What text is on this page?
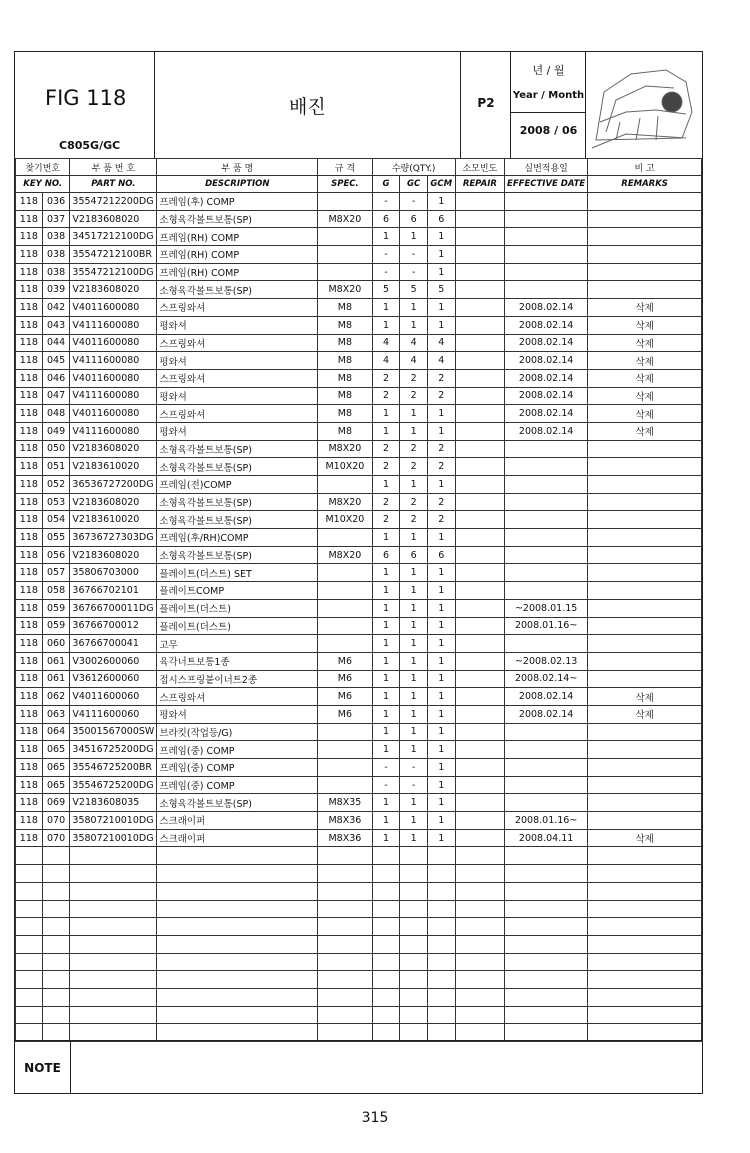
FIG 118
C805G/GC
배진	P2
년 / 월
Year / Month
2008 / 06
찾기번호		부 품 번 호	부 품 명	규 격	수량(QTY.)			소모빈도	실번적용일	비 고
KEY NO.		PART NO.	DESCRIPTION	SPEC.	G	GC	GCM	REPAIR	EFFECTIVE DATE	REMARKS
118	036	35547212200DG	프레임(후) COMP		-	-	1			
118	037	V2183608020	소형육각볼트보통(SP)	M8X20	6	6	6			
118	038	34517212100DG	프레임(RH) COMP		1	1	1			
118	038	35547212100BR	프레임(RH) COMP		-	-	1			
118	038	35547212100DG	프레임(RH) COMP		-	-	1			
118	039	V2183608020	소형육각볼트보통(SP)	M8X20	5	5	5			
118	042	V4011600080	스프링와셔	M8	1	1	1		2008.02.14	삭제
118	043	V4111600080	평와셔	M8	1	1	1		2008.02.14	삭제
118	044	V4011600080	스프링와셔	M8	4	4	4		2008.02.14	삭제
118	045	V4111600080	평와셔	M8	4	4	4		2008.02.14	삭제
118	046	V4011600080	스프링와셔	M8	2	2	2		2008.02.14	삭제
118	047	V4111600080	평와셔	M8	2	2	2		2008.02.14	삭제
118	048	V4011600080	스프링와셔	M8	1	1	1		2008.02.14	삭제
118	049	V4111600080	평와셔	M8	1	1	1		2008.02.14	삭제
118	050	V2183608020	소형육각볼트보통(SP)	M8X20	2	2	2			
118	051	V2183610020	소형육각볼트보통(SP)	M10X20	2	2	2			
118	052	36536727200DG	프레임(전)COMP		1	1	1			
118	053	V2183608020	소형육각볼트보통(SP)	M8X20	2	2	2			
118	054	V2183610020	소형육각볼트보통(SP)	M10X20	2	2	2			
118	055	36736727303DG	프레임(후/RH)COMP		1	1	1			
118	056	V2183608020	소형육각볼트보통(SP)	M8X20	6	6	6			
118	057	35806703000	플레이트(더스트) SET		1	1	1			
118	058	36766702101	플레이트COMP		1	1	1			
118	059	36766700011DG	플레이트(더스트)		1	1	1		~2008.01.15	
118	059	36766700012	플레이트(더스트)		1	1	1		2008.01.16~	
118	060	36766700041	고무		1	1	1			
118	061	V3002600060	육각너트보통1종	M6	1	1	1		~2008.02.13	
118	061	V3612600060	접시스프링붙이너트2종	M6	1	1	1		2008.02.14~	
118	062	V4011600060	스프링와셔	M6	1	1	1		2008.02.14	삭제
118	063	V4111600060	평와셔	M6	1	1	1		2008.02.14	삭제
118	064	35001567000SW	브라킷(작업등/G)		1	1	1			
118	065	34516725200DG	프레임(중) COMP		1	1	1			
118	065	35546725200BR	프레임(중) COMP		-	-	1			
118	065	35546725200DG	프레임(중) COMP		-	-	1			
118	069	V2183608035	소형육각볼트보통(SP)	M8X35	1	1	1			
118	070	35807210010DG	스크래이퍼	M8X36	1	1	1		2008.01.16~	
118	070	35807210010DG	스크래이퍼	M8X36	1	1	1		2008.04.11	삭제

NOTE
315
